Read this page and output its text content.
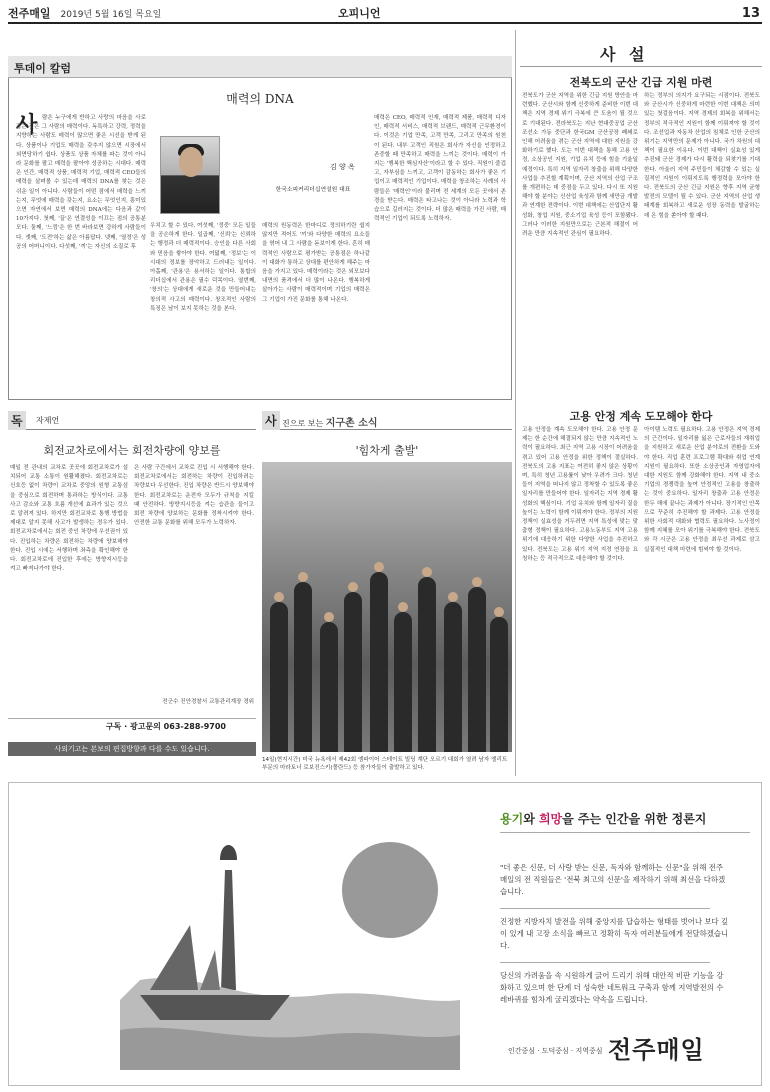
전주매일 2019년 5월 16일 목요일	오피니언	13
투데이 칼럼
매력의 DNA
사 람은 누구에게 반하고 사랑의 마음을 사로잡는 것은 그 사람의 매력이다. 독특하고 강력, 정력을 지향하는 사람도 매력이 많으면 좋은 시선을 받게 된다. 상품이나 기업도 매력을 갖추지 않으면 시장에서 외면당하기 쉽다. 상품도 상품 자체를 파는 것이 아니라 문화를 팔고 매력을 팔아야 성공하는 시대다. 매력은 인간, 매력적 상품, 매력적 기업, 매력적 CEO들의 매력을 살펴볼 수 있는데 매력의 DNA를 찾는 것은 쉬운 일이 아니다. 사람들이 어떤 점에서 매력을 느끼는지, 무엇에 매력을 갖는지, 요소는 무엇인지, 흥미있으면 자연에서 보면 매력의 DNA에는 다음과 같이 10가지다. 첫째, '끌'은 연결성을 이끄는 점의 공통분모다. 둘째, '느낌'은 한 번 바라보면 강하게 사람들이다. 셋째, '도전'하는 삶은 아름답다. 넷째, '열정'은 성공의 어머니이다. 다섯째, '끼'는 자신의 소질로 후
김 양 옥
한국소피커리더십연설원 대표
우치고 할 수 있다. 여섯째, '정중' 모든 일들을 공손하게 한다. 일곱째, '신뢰'는 신뢰하는 행정과 더 매력적이다. 승인을 다른 사회와 믿음을 쌓아야 한다. 여덟째, '정보'는 이 시대의 정보를 장악하고 드러내는 일이다. 아홉째, '관용'은 용서하는 일이다. 통합의 리더십에서 관용은 필수 덕목이다. 열번째, '창의'는 상대에게 새로운 것을 만들어내는 창의적 사고의 매력이다. 창조적인 사람의 특징은 남이 보지 못하는 것을 본다.
매력의 원동력은 한마디로 정의하기란 쉽지 않지만 적어도 '끼'와 다양한 매력의 요소들을 엮어 내 그 사람을 돋보이게 한다. 흔히 매력적인 사람으로 평가받는 공통점은 하나같이 대화가 통하고 상대를 편안하게 해주는 마음을 가지고 있다. 매력이라는 것은 외모보다 내면의 품격에서 더 많이 나온다. 행복하게 살아가는 사람이 매력적이며 기업의 매력은 그 기업이 가진 문화를 통해 나온다.
매력은 CEO, 매력적 인재, 매력적 제품, 매력적 디자인, 매력적 서비스, 매력적 브랜드, 매력적 근무환경이다. 이것은 기업 만족, 고객 만족, 그리고 만족의 원천이 된다. 내부 고객인 직원은 회사가 자신을 인정하고 존중할 때 만족하고 매력을 느끼는 것이다. 매력이 가지는 '행복한 핵심자산'이라고 할 수 있다. 직원이 즐겁고, 자부심을 느끼고, 고객이 감동하는 회사가 좋은 기업이고 매력적인 기업이다. 매력을 창조하는 사례의 사람들은 '매력인'이라 불리며 전 세계의 모든 곳에서 존경을 받는다. 매력은 타고나는 것이 아니라 노력과 학습으로 길러지는 것이다. 더 많은 매력을 가진 사람, 매력적인 기업이 되도록 노력하자.
사 설
전북도의 군산 긴급 지원 마련
전북도가 군산 지역을 위한 긴급 지원 방안을 마련했다. 군산시와 함께 신중하게 준비한 이번 대책은 지역 경제 위기 극복에 큰 도움이 될 것으로 기대된다. 전라북도는 지난 현대중공업 군산조선소 가동 중단과 한국GM 군산공장 폐쇄로 인해 어려움을 겪는 군산 지역에 대한 지원을 강화하기로 했다. 도는 이번 대책을 통해 고용 안정, 소상공인 지원, 기업 유치 등에 힘을 기울일 예정이다. 특히 지역 일자리 창출을 위해 다양한 사업을 추진할 계획이며, 군산 지역의 산업 구조를 개편하는 데 중점을 두고 있다. 다시 또 지원해야 할 분야는 신산업 육성과 함께 새만금 개발과 연계한 전략이다. 이번 대책에는 산업단지 활성화, 창업 지원, 중소기업 육성 등이 포함됐다. 그러나 이러한 지원만으로는 근본적 해결이 어려운 만큼 지속적인 관심이 필요하다.
하는 정부의 의지가 요구되는 시점이다. 전북도와 군산시가 신중하게 마련한 이번 대책은 의미 있는 첫걸음이다. 지역 경제의 회복을 위해서는 정부의 적극적인 지원이 함께 이뤄져야 할 것이다. 조선업과 자동차 산업의 침체로 인한 군산의 위기는 지역만의 문제가 아니다. 국가 차원의 대책이 필요한 이유다. 이번 대책이 실효성 있게 추진돼 군산 경제가 다시 활력을 되찾기를 기대한다. 아울러 지역 주민들이 체감할 수 있는 실질적인 지원이 이뤄지도록 행정력을 모아야 한다. 전북도의 군산 긴급 지원은 향후 지역 균형 발전의 모델이 될 수 있다. 군산 지역의 산업 생태계를 회복하고 새로운 성장 동력을 발굴하는 데 온 힘을 쏟아야 할 때다.
고용 안정 계속 도모해야 한다
고용 안정을 계속 도모해야 한다. 고용 안정 문제는 한 순간에 해결되지 않는 만큼 지속적인 노력이 필요하다. 최근 지역 고용 시장이 어려움을 겪고 있어 고용 안정을 위한 정책이 절실하다. 전북도의 고용 지표는 여전히 좋지 않은 상황이며, 특히 청년 고용률이 낮아 우려가 크다. 청년들이 지역을 떠나지 않고 정착할 수 있도록 좋은 일자리를 만들어야 한다. 일자리는 지역 경제 활성화의 핵심이다. 기업 유치와 함께 일자리 질을 높이는 노력이 함께 이뤄져야 한다. 정부의 지원 정책이 실효성을 거두려면 지역 특성에 맞는 맞춤형 정책이 필요하다. 고용노동부도 지역 고용 위기에 대응하기 위한 다양한 사업을 추진하고 있다. 전북도는 고용 위기 지역 지정 연장을 요청하는 등 적극적으로 대응해야 할 것이다.
아이템 노력도 필요하다. 고용 안정은 지역 경제의 근간이다. 일자리를 잃은 근로자들의 재취업을 지원하고 새로운 산업 분야로의 전환을 도와야 한다. 직업 훈련 프로그램 확대와 취업 연계 지원이 필요하다. 또한 소상공인과 자영업자에 대한 지원도 함께 강화해야 한다. 지역 내 중소기업의 경쟁력을 높여 안정적인 고용을 창출하는 것이 중요하다. 일자리 창출과 고용 안정은 한두 해에 끝나는 과제가 아니다. 장기적인 안목으로 꾸준히 추진해야 할 과제다. 고용 안정을 위한 사회적 대화와 협력도 필요하다. 노사정이 함께 지혜를 모아 위기를 극복해야 한다. 전북도와 각 시군은 고용 안정을 최우선 과제로 삼고 실질적인 대책 마련에 힘써야 할 것이다.
독	자제언
회전교차로에서는 회전차량에 양보를
매일 전 관내의 교차로 곳곳에 회전교차로가 설치되어 교통 소통이 원활해졌다. 회전교차로는 신호등 없이 차량이 교차로 중앙의 원형 교통섬을 중심으로 회전하며 통과하는 방식이다. 교통사고 감소와 교통 흐름 개선에 효과가 있는 것으로 알려져 있다. 하지만 회전교차로 통행 방법을 제대로 알지 못해 사고가 발생하는 경우가 있다. 회전교차로에서는 회전 중인 차량에 우선권이 있다. 진입하는 차량은 회전하는 차량에 양보해야 한다. 진입 시에는 서행하며 좌측을 확인해야 한다. 회전교차로에 진입한 후에는 방향지시등을 켜고 빠져나가야 한다.
은 사람 구간에서 교차로 진입 시 서행해야 한다. 회전교차로에서는 회전하는 차량이 진입하려는 차량보다 우선한다. 진입 차량은 반드시 양보해야 한다. 회전교차로는 운전자 모두가 규칙을 지킬 때 안전하다. 방향지시등을 켜는 습관을 들이고 회전 차량에 양보하는 문화를 정착시켜야 한다. 안전한 교통 문화를 위해 모두가 노력하자.
전군수 진안경찰서 교통관리계장 경위
구독 · 광고문의 063-288-9700
사외기고는 본보의 편집방향과 다를 수도 있습니다.
사 진으로 보는 지구촌 소식
'힘차게 출발'
14일(현지시간) 미국 뉴욕에서 제42회 엠파이어 스테이트 빌딩 계단 오르기 대회가 열려 남자 엘리트 부문의 마라토너 로보진스키(폴란드) 등 참가자들이 출발하고 있다.
용기와 희망을 주는 인간을 위한 정론지
"더 좋은 신문, 더 사랑 받는 신문, 독자와 함께하는 신문"을 위해 전주매일의 전 직원들은 '전북 최고의 신문'을 제작하기 위해 최선을 다하겠습니다.
진정한 지방자치 발전을 위해 중앙지를 답습하는 형태를 벗어나 보다 깊이 있게 내 고장 소식을 빠르고 정확히 독자 여러분들에게 전달하겠습니다.
당신의 가려움을 속 시원하게 긁어 드리기 위해 대안적 비판 기능을 강화하고 있으며 한 단계 더 성숙한 네트워크 구축과 함께 지역발전의 수레바퀴를 힘차게 굴리겠다는 약속을 드립니다.
인간중심 · 도덕중심 · 지역중심 전주매일
